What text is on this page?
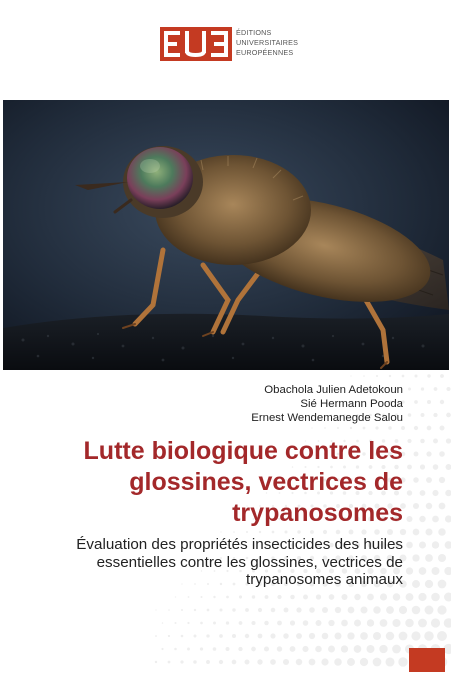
ÉDITIONS
UNIVERSITAIRES
EUROPÉENNES
Obachola Julien Adetokoun
Sié Hermann Pooda
Ernest Wendemanegde Salou
Lutte biologique contre les
glossines, vectrices de
trypanosomes
Évaluation des propriétés insecticides des huiles
essentielles contre les glossines, vectrices de
trypanosomes animaux
